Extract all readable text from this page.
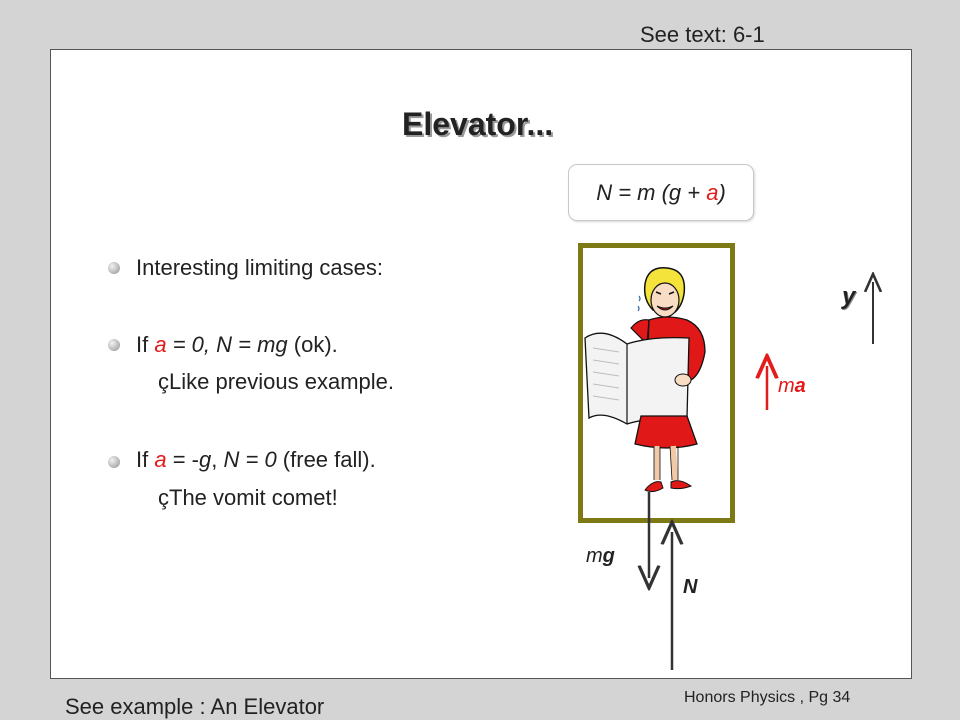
See text: 6-1
Elevator...
N = m (g + a)
Interesting limiting cases:
If a = 0, N = mg (ok).
çLike previous example.
If a = -g, N = 0 (free fall).
çThe vomit comet!
y
ma
mg
N
See example : An Elevator	Honors Physics , Pg 34
